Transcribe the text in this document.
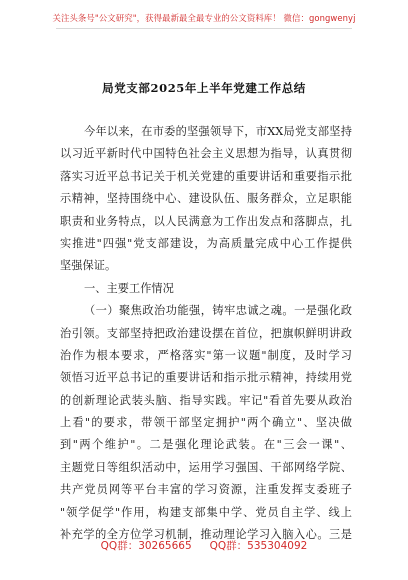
关注头条号"公文研究"，获得最新最全最专业的公文资料库！ 微信：gongwenyj
局党支部2025年上半年党建工作总结
今年以来，在市委的坚强领导下，市XX局党支部坚持
以习近平新时代中国特色社会主义思想为指导，认真贯彻
落实习近平总书记关于机关党建的重要讲话和重要指示批
示精神，坚持围绕中心、建设队伍、服务群众，立足职能
职责和业务特点，以人民满意为工作出发点和落脚点，扎
实推进"四强"党支部建设，为高质量完成中心工作提供
坚强保证。
一、主要工作情况
（一）聚焦政治功能强，铸牢忠诚之魂。一是强化政
治引领。支部坚持把政治建设摆在首位，把旗帜鲜明讲政
治作为根本要求，严格落实"第一议题"制度，及时学习
领悟习近平总书记的重要讲话和指示批示精神，持续用党
的创新理论武装头脑、指导实践。牢记"看首先要从政治
上看"的要求，带领干部坚定拥护"两个确立"、坚决做
到"两个维护"。二是强化理论武装。在"三会一课"、
主题党日等组织活动中，运用学习强国、干部网络学院、
共产党员网等平台丰富的学习资源，注重发挥支委班子
"领学促学"作用，构建支部集中学、党员自主学、线上
补充学的全方位学习机制，推动理论学习入脑入心。三是
QQ群：30265665 QQ群：535304092
